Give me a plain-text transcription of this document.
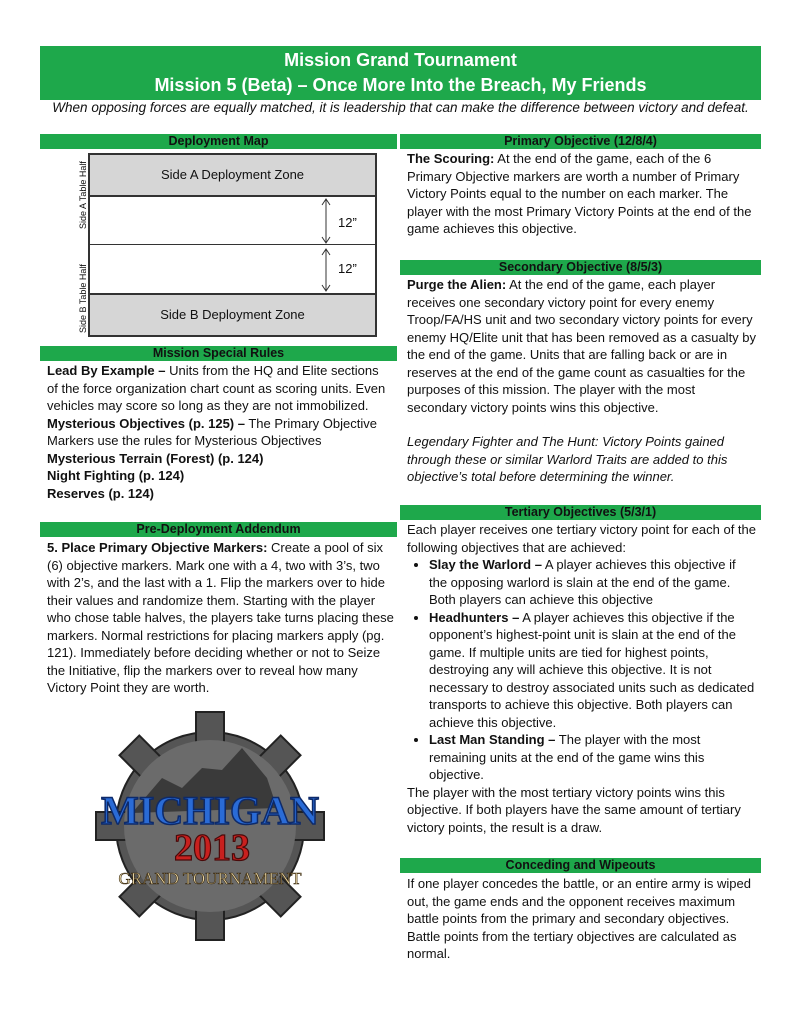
Mission Grand Tournament
Mission 5 (Beta) – Once More Into the Breach, My Friends
When opposing forces are equally matched, it is leadership that can make the difference between victory and defeat.
Deployment Map
Side A Deployment Zone
Side B Deployment Zone
Side A Table Half
Side B Table Half
12”
12”
Mission Special Rules

Lead By Example – Units from the HQ and Elite sections of the force organization chart count as scoring units. Even vehicles may score so long as they are not immobilized.

Mysterious Objectives (p. 125) – The Primary Objective Markers use the rules for Mysterious Objectives

Mysterious Terrain (Forest) (p. 124)

Night Fighting (p. 124)

Reserves (p. 124)

Pre-Deployment Addendum

5. Place Primary Objective Markers: Create a pool of six (6) objective markers. Mark one with a 4, two with 3’s, two with 2’s, and the last with a 1. Flip the markers over to hide their values and randomize them. Starting with the player who chose table halves, the players take turns placing these markers. Normal restrictions for placing markers apply (pg. 121). Immediately before deciding whether or not to Seize the Initiative, flip the markers over to reveal how many Victory Point they are worth.

MICHIGAN
2013
GRAND TOURNAMENT
Primary Objective (12/8/4)

The Scouring: At the end of the game, each of the 6 Primary Objective markers are worth a number of Primary Victory Points equal to the number on each marker. The player with the most Primary Victory Points at the end of the game achieves this objective.

Secondary Objective (8/5/3)

Purge the Alien: At the end of the game, each player receives one secondary victory point for every enemy Troop/FA/HS unit and two secondary victory points for every enemy HQ/Elite unit that has been removed as a casualty by the end of the game. Units that are falling back or are in reserves at the end of the game count as casualties for the purposes of this mission. The player with the most secondary victory points wins this objective.

Legendary Fighter and The Hunt: Victory Points gained through these or similar Warlord Traits are added to this objective’s total before determining the winner.

Tertiary Objectives (5/3/1)

Each player receives one tertiary victory point for each of the following objectives that are achieved:

• Slay the Warlord – A player achieves this objective if the opposing warlord is slain at the end of the game. Both players can achieve this objective
• Headhunters – A player achieves this objective if the opponent’s highest-point unit is slain at the end of the game. If multiple units are tied for highest points, destroying any will achieve this objective. It is not necessary to destroy associated units such as dedicated transports to achieve this objective. Both players can achieve this objective.
• Last Man Standing – The player with the most remaining units at the end of the game wins this objective.

The player with the most tertiary victory points wins this objective. If both players have the same amount of tertiary victory points, the result is a draw.

Conceding and Wipeouts
If one player concedes the battle, or an entire army is wiped out, the game ends and the opponent receives maximum battle points from the primary and secondary objectives. Battle points from the tertiary objectives are calculated as normal.
